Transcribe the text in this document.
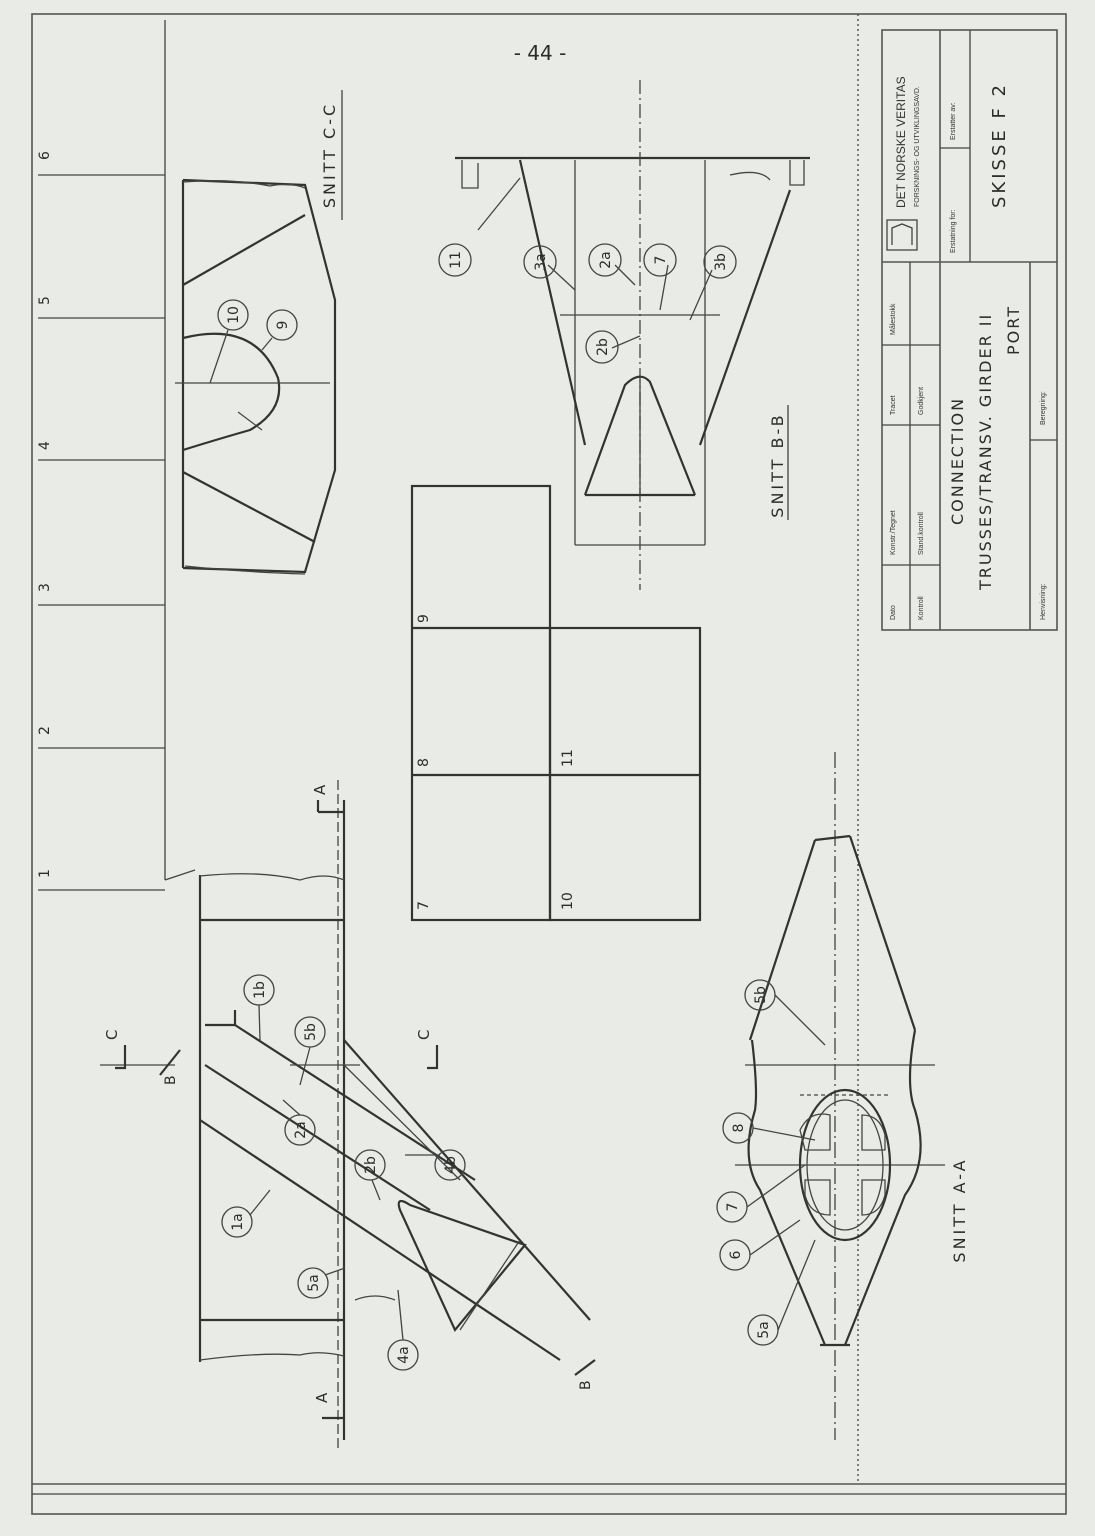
- 44 -
6
5
4
3
2
1
10
9
SNITT C-C
11	3a	2a	7	3b
2b
SNITT B-B
9
8
7
11
10
1b
5b
2a
4b
2b
1a
5a
4a
A
A
C	C
B
B
5b
8
7
6
5a
SNITT A-A
DET NORSKE VERITAS FORSKNINGS- OG UTVIKLINGSAVD.	Erstatter av:
Erstatning for:
SKISSE F 2
Målestokk
Tracet	Godkjent
Konstr./Tegnet	Stand.kontroll
Dato	Kontroll
Beregning:
Henvisning:
CONNECTION TRUSSES/TRANSV. GIRDER II PORT
